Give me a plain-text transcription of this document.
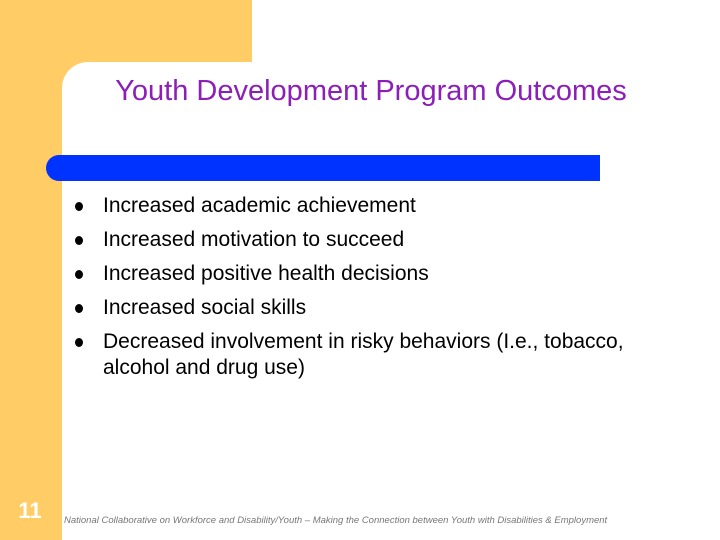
Youth Development Program Outcomes
Increased academic achievement
Increased motivation to succeed
Increased positive health decisions
Increased social skills
Decreased involvement in risky behaviors (I.e., tobacco, alcohol and drug use)
11	National Collaborative on Workforce and Disability/Youth – Making the Connection between Youth with Disabilities & Employment
